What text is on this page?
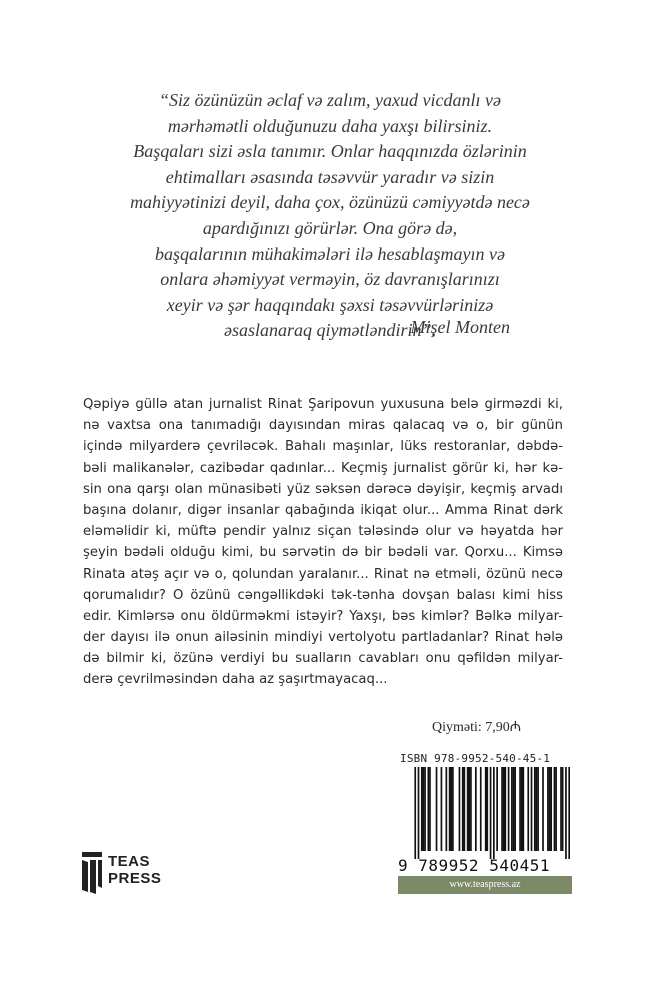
“Siz özünüzün əclaf və zalım, yaxud vicdanlı və
mərhəmətli olduğunuzu daha yaxşı bilirsiniz.
Başqaları sizi əsla tanımır. Onlar haqqınızda özlərinin
ehtimalları əsasında təsəvvür yaradır və sizin
mahiyyətinizi deyil, daha çox, özünüzü cəmiyyətdə necə
apardığınızı görürlər. Ona görə də,
başqalarının mühakimələri ilə hesablaşmayın və
onlara əhəmiyyət verməyin, öz davranışlarınızı
xeyir və şər haqqındakı şəxsi təsəvvürlərinizə
əsaslanaraq qiymətləndirin”.
Mişel Monten
Qəpiyə güllə atan jurnalist Rinat Şaripovun yuxusuna belə girməzdi ki,
nə vaxtsa ona tanımadığı dayısından miras qalacaq və o, bir günün
içində milyarderə çevriləcək. Bahalı maşınlar, lüks restoranlar, dəbdə-
bəli malikanələr, cazibədar qadınlar... Keçmiş jurnalist görür ki, hər kə-
sin ona qarşı olan münasibəti yüz səksən dərəcə dəyişir, keçmiş arvadı
başına dolanır, digər insanlar qabağında ikiqat olur... Amma Rinat dərk
eləməlidir ki, müftə pendir yalnız siçan tələsində olur və həyatda hər
şeyin bədəli olduğu kimi, bu sərvətin də bir bədəli var. Qorxu... Kimsə
Rinata atəş açır və o, qolundan yaralanır... Rinat nə etməli, özünü necə
qorumalıdır? O özünü cəngəllikdəki tək-tənha dovşan balası kimi hiss
edir. Kimlərsə onu öldürməkmi istəyir? Yaxşı, bəs kimlər? Bəlkə milyar-
der dayısı ilə onun ailəsinin mindiyi vertolyotu partladanlar? Rinat hələ
də bilmir ki, özünə verdiyi bu sualların cavabları onu qəfildən milyar-
derə çevrilməsindən daha az şaşırtmayacaq...
Qiyməti: 7,90₼
ISBN 978-9952-540-45-1
9 789952 540451
www.teaspress.az
TEAS
PRESS
